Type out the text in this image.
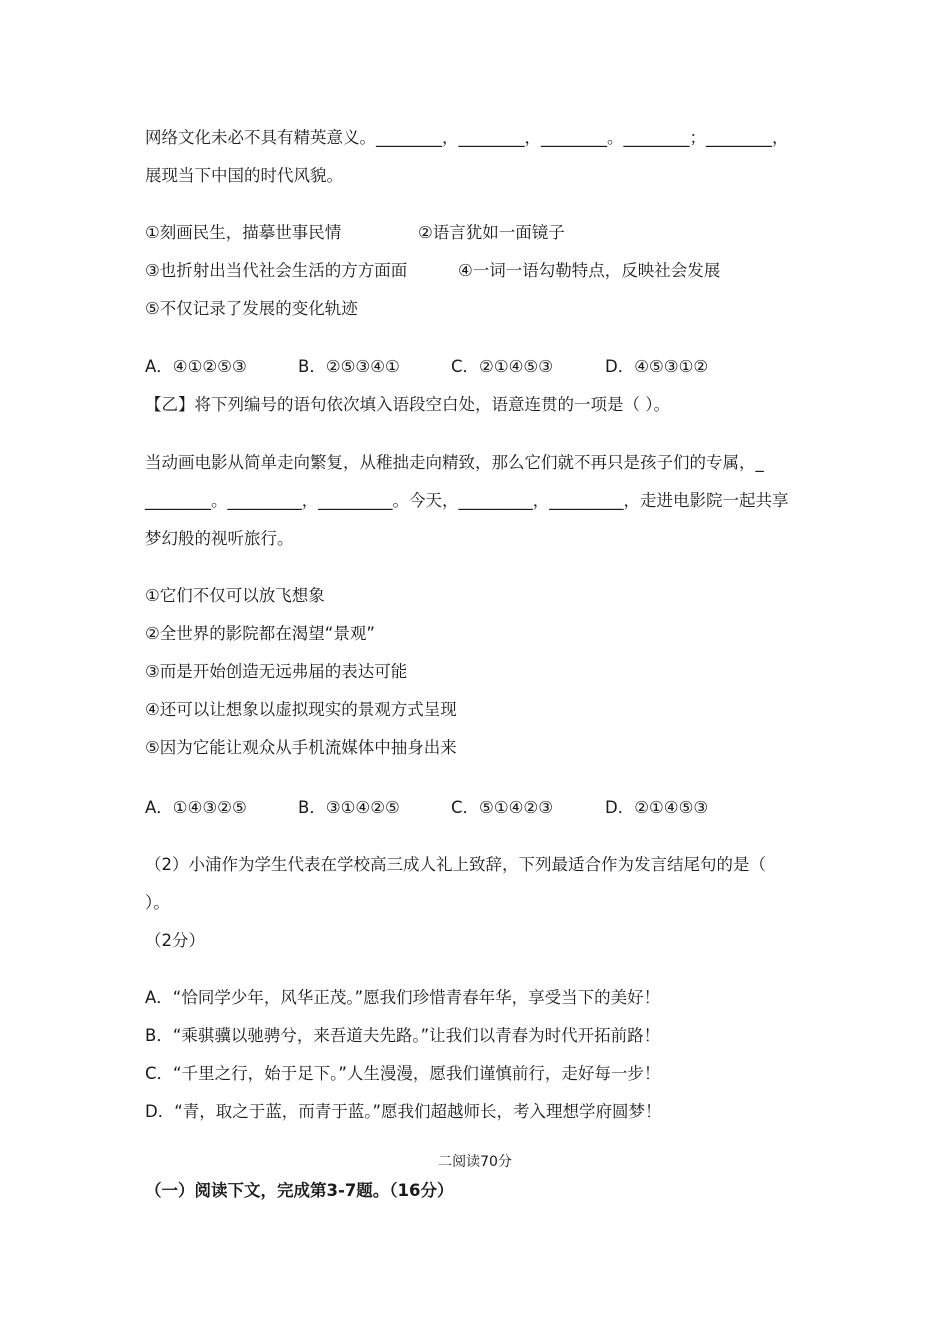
网络文化未必不具有精英意义。________，________，________。________；________，
展现当下中国的时代风貌。
①刻画民生，描摹世事民情	②语言犹如一面镜子
③也折射出当代社会生活的方方面面	④一词一语勾勒特点，反映社会发展
⑤不仅记录了发展的变化轨迹
A．④①②⑤③	B．②⑤③④①	C．②①④⑤③	D．④⑤③①②
【乙】将下列编号的语句依次填入语段空白处，语意连贯的一项是（ ）。
当动画电影从简单走向繁复，从稚拙走向精致，那么它们就不再只是孩子们的专属，_
________。_________，_________。今天，_________，_________，走进电影院一起共享
梦幻般的视听旅行。
①它们不仅可以放飞想象
②全世界的影院都在渴望“景观”
③而是开始创造无远弗届的表达可能
④还可以让想象以虚拟现实的景观方式呈现
⑤因为它能让观众从手机流媒体中抽身出来
A．①④③②⑤	B．③①④②⑤	C．⑤①④②③	D．②①④⑤③
（2）小浦作为学生代表在学校高三成人礼上致辞，下列最适合作为发言结尾句的是（
）。
（2分）
A．“恰同学少年，风华正茂。”愿我们珍惜青春年华，享受当下的美好！
B．“乘骐骥以驰骋兮，来吾道夫先路。”让我们以青春为时代开拓前路！
C．“千里之行，始于足下。”人生漫漫，愿我们谨慎前行，走好每一步！
D．“青，取之于蓝，而青于蓝。”愿我们超越师长，考入理想学府圆梦！
二阅读70分
（一）阅读下文，完成第3-7题。（16分）
